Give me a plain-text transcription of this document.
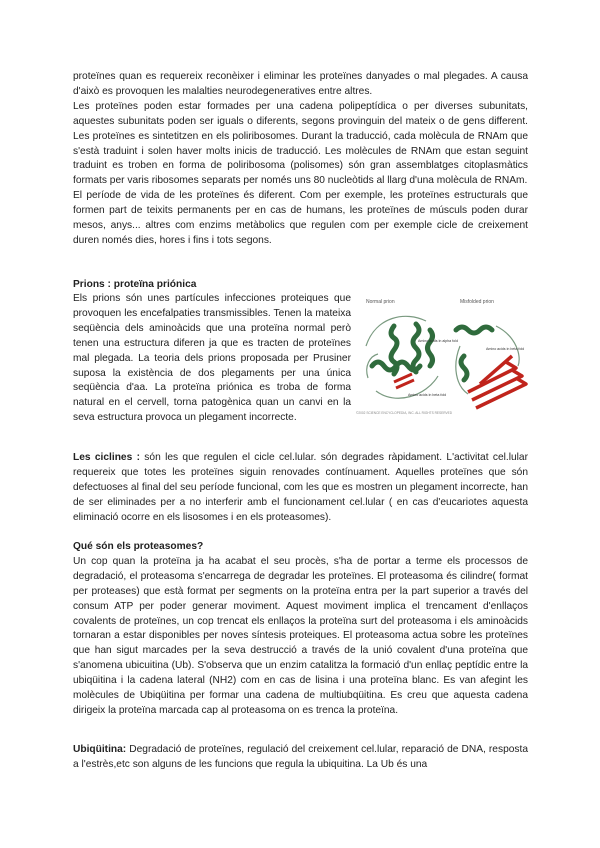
proteïnes quan es requereix reconèixer i eliminar les proteïnes danyades o mal plegades. A causa d'això es provoquen les malalties neurodegeneratives entre altres.

Les proteïnes poden estar formades per una cadena polipeptídica o per diverses subunitats, aquestes subunitats poden ser iguals o diferents, segons provinguin del mateix o de gens different. Les proteïnes es sintetitzen en els poliribosomes. Durant la traducció, cada molècula de RNAm que s'està traduint i solen haver molts inicis de traducció. Les molècules de RNAm que estan seguint traduint es troben en forma de poliribosoma (polisomes) són gran assemblatges citoplasmàtics formats per varis ribosomes separats per només uns 80 nucleòtids al llarg d'una molècula de RNAm.

El període de vida de les proteïnes és diferent. Com per exemple, les proteïnes estructurals que formen part de teixits permanents per en cas de humans, les proteïnes de músculs poden durar mesos, anys... altres com enzims metàbolics que regulen com per exemple cicle de creixement duren només dies, hores i fins i tots segons.

Prions : proteïna priónica
Els prions són unes partícules infecciones proteiques que provoquen les encefalpaties transmissibles. Tenen la mateixa seqüència dels aminoàcids que una proteïna normal però tenen una estructura diferen ja que es tracten de proteïnes mal plegada. La teoria dels prions proposada per Prusiner suposa la existència de dos plegaments per una única seqüència d'aa. La proteïna priónica es troba de forma natural en el cervell, torna patogènica quan un canvi en la seva estructura provoca un plegament incorrecte.
Normal prion	Misfolded prion
Amino acids in alpha fold
Amino acids in beta fold
Amino acids in beta fold
©2002 SCIENCE ENCYCLOPEDIA, INC. ALL RIGHTS RESERVED
Les ciclines : són les que regulen el cicle cel.lular. són degrades ràpidament. L'activitat cel.lular requereix que totes les proteïnes siguin renovades contínuament. Aquelles proteïnes que són defectuoses al final del seu període funcional, com les que es mostren un plegament incorrecte, han de ser eliminades per a no interferir amb el funcionament cel.lular ( en cas d'eucariotes aquesta eliminació ocorre en els lisosomes i en els proteasomes).

Qué són els proteasomes?

Un cop quan la proteïna ja ha acabat el seu procès, s'ha de portar a terme els processos de degradació, el proteasoma s'encarrega de degradar les proteïnes. El proteasoma és cilindre( format per proteases) que està format per segments on la proteïna entra per la part superior a través del consum ATP per poder generar moviment. Aquest moviment implica el trencament d'enllaços covalents de proteïnes, un cop trencat els enllaços la proteïna surt del proteasoma i els aminoàcids tornaran a estar disponibles per noves síntesis proteiques. El proteasoma actua sobre les proteïnes que han sigut marcades per la seva destrucció a través de la unió covalent d'una proteïna que s'anomena ubicuitina (Ub). S'observa que un enzim catalitza la formació d'un enllaç peptídic entre la ubiqüitina i la cadena lateral (NH2) com en cas de lisina i una proteïna blanc. Es van afegint les molècules de Ubiqüitina per formar una cadena de multiubqüitina. Es creu que aquesta cadena dirigeix la proteïna marcada cap al proteasoma on es trenca la proteïna.

Ubiqüitina: Degradació de proteïnes, regulació del creixement cel.lular, reparació de DNA, resposta a l'estrès,etc son alguns de les funcions que regula la ubiquitina. La Ub és una
